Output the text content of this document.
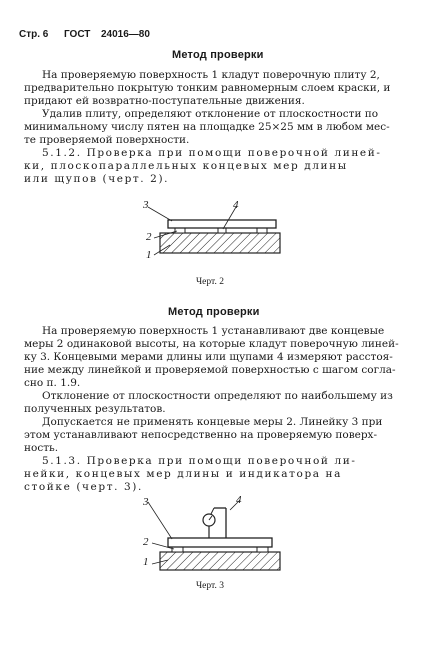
Стр. 6 ГОСТ 24016—80
Метод проверки
На проверяемую поверхность 1 кладут поверочную плиту 2,
предварительно покрытую тонким равномерным слоем краски, и
придают ей возвратно-поступательные движения.
Удалив плиту, определяют отклонение от плоскостности по
минимальному числу пятен на площадке 25×25 мм в любом мес-
те проверяемой поверхности.
5.1.2. Проверка при помощи поверочной линей-
ки, плоскопараллельных концевых мер длины
или щупов (черт. 2).
3	4
2
1
Черт. 2
Метод проверки
На проверяемую поверхность 1 устанавливают две концевые
меры 2 одинаковой высоты, на которые кладут поверочную линей-
ку 3. Концевыми мерами длины или щупами 4 измеряют расстоя-
ние между линейкой и проверяемой поверхностью с шагом согла-
сно п. 1.9.
Отклонение от плоскостности определяют по наибольшему из
полученных результатов.
Допускается не применять концевые меры 2. Линейку 3 при
этом устанавливают непосредственно на проверяемую поверх-
ность.
5.1.3. Проверка при помощи поверочной ли-
нейки, концевых мер длины и индикатора на
стойке (черт. 3).
3	4
2
1
Черт. 3
